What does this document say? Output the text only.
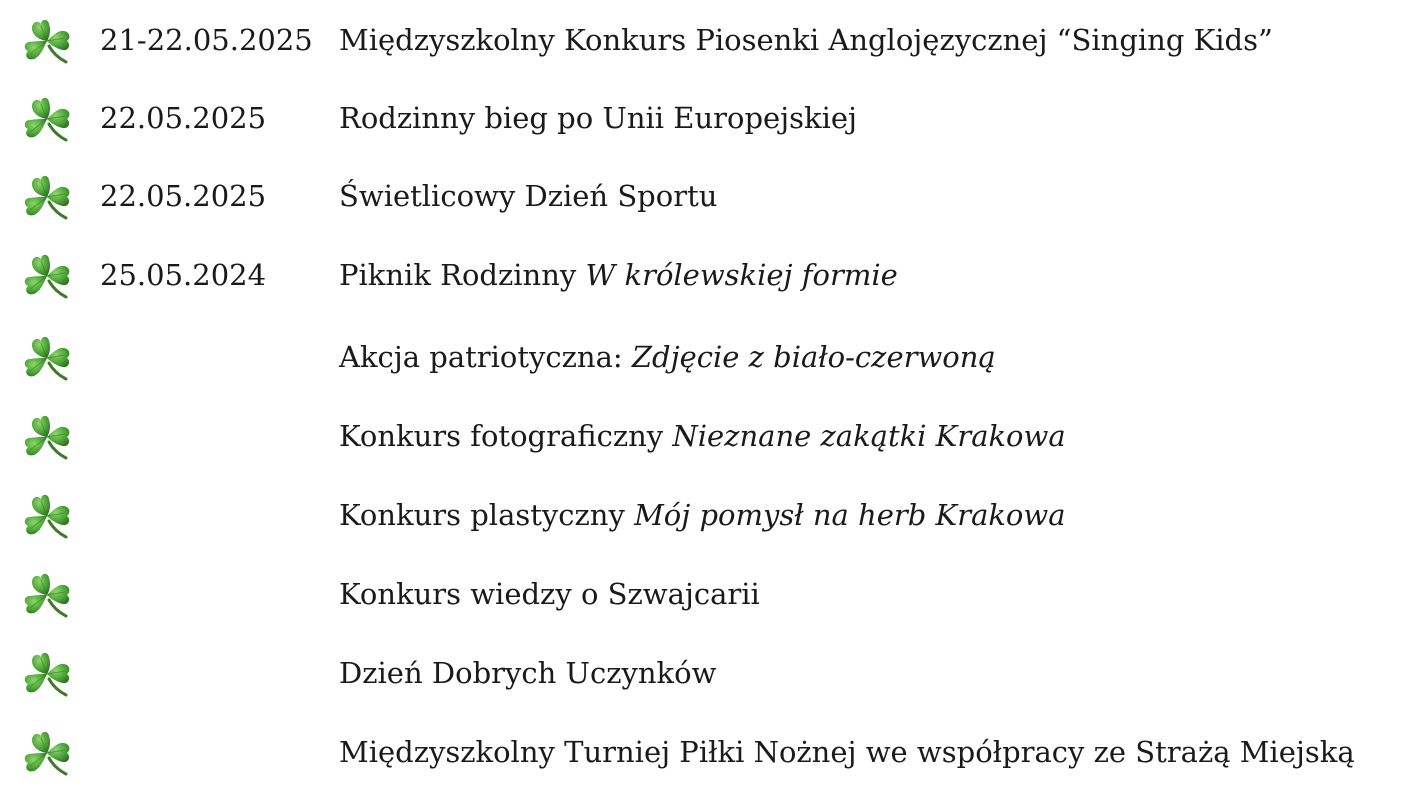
21-22.05.2025 Międzyszkolny Konkurs Piosenki Anglojęzycznej “Singing Kids”
22.05.2025	Rodzinny bieg po Unii Europejskiej
22.05.2025	Świetlicowy Dzień Sportu
25.05.2024	Piknik Rodzinny W królewskiej formie
Akcja patriotyczna: Zdjęcie z biało-czerwoną
Konkurs fotograficzny Nieznane zakątki Krakowa
Konkurs plastyczny Mój pomysł na herb Krakowa
Konkurs wiedzy o Szwajcarii
Dzień Dobrych Uczynków
Międzyszkolny Turniej Piłki Nożnej we współpracy ze Strażą Miejską
